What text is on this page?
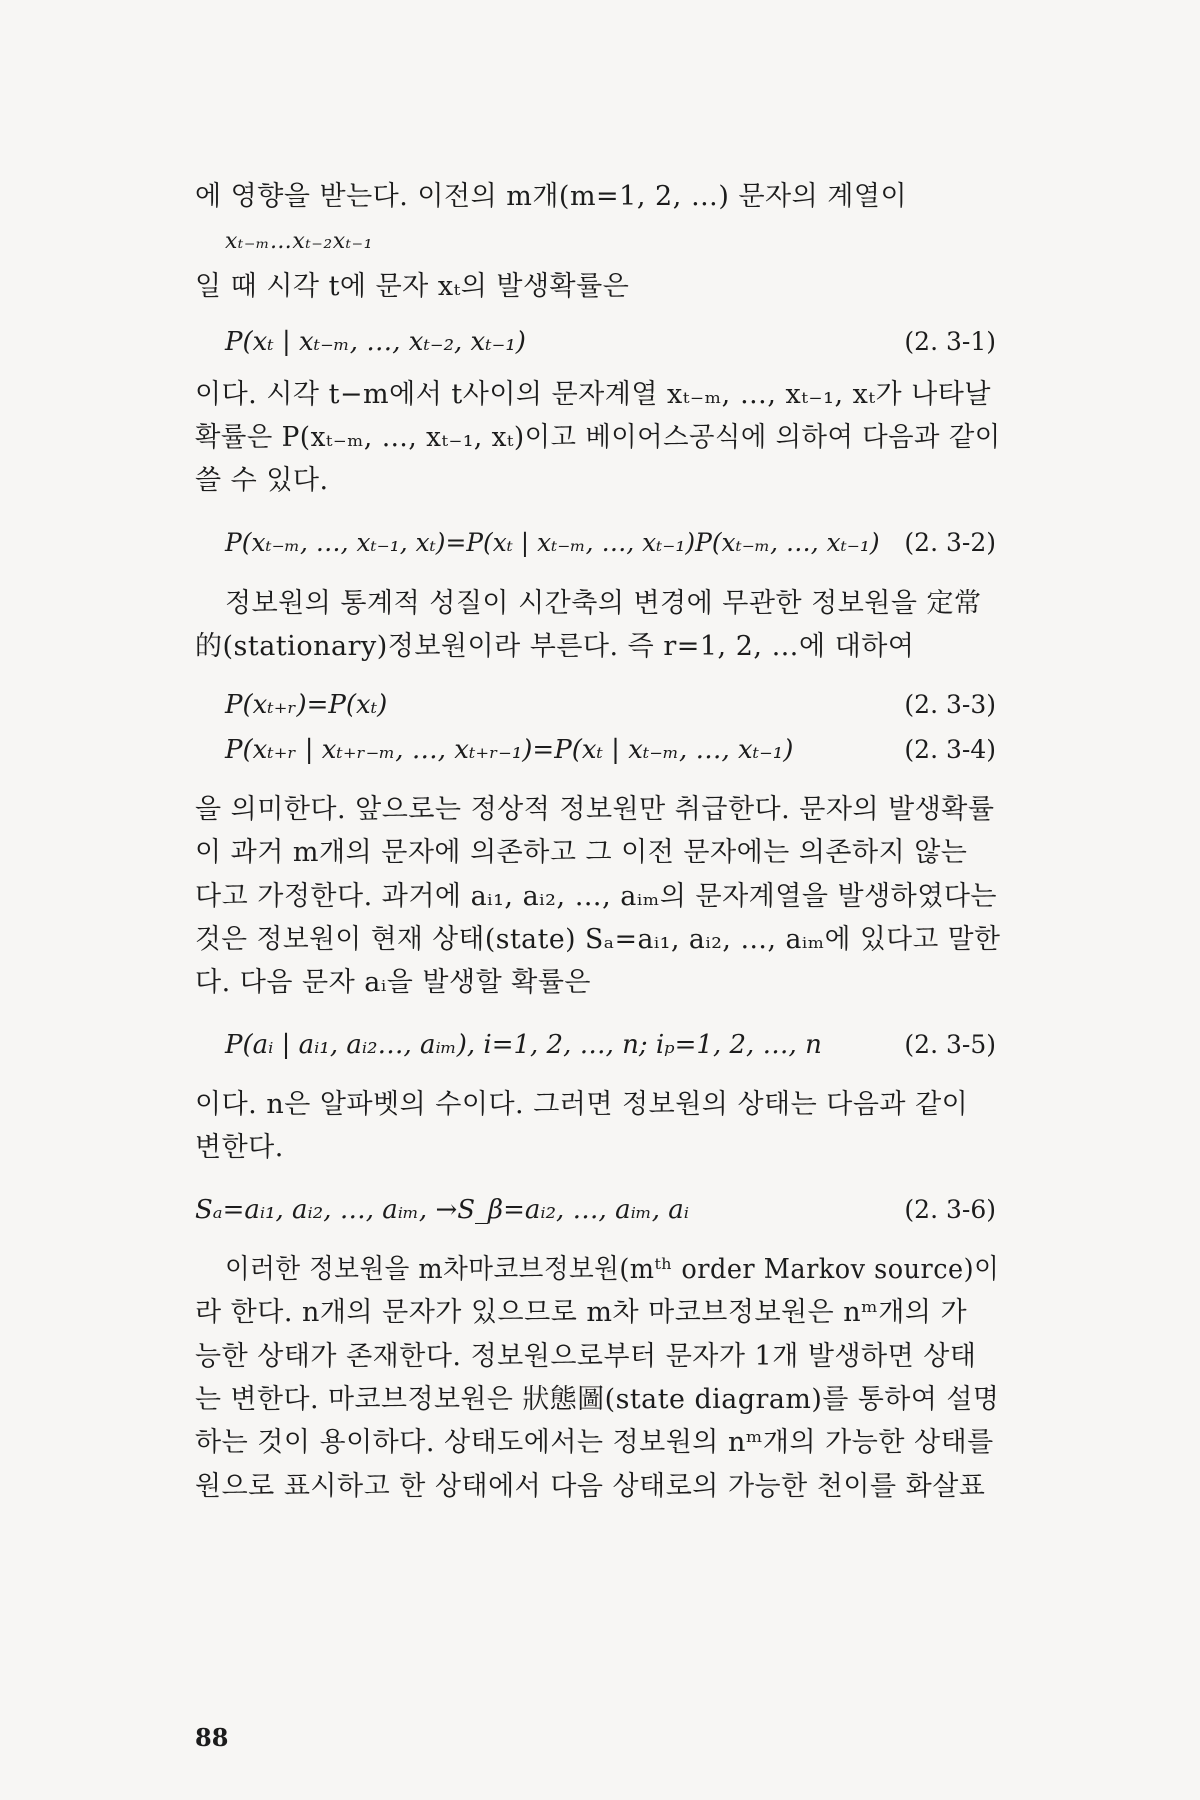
에 영향을 받는다. 이전의 m개(m=1, 2, …) 문자의 계열이
xₜ₋ₘ…xₜ₋₂xₜ₋₁
일 때 시각 t에 문자 xₜ의 발생확률은
P(xₜ | xₜ₋ₘ, …, xₜ₋₂, xₜ₋₁)	(2. 3-1)
이다. 시각 t−m에서 t사이의 문자계열 xₜ₋ₘ, …, xₜ₋₁, xₜ가 나타날
확률은 P(xₜ₋ₘ, …, xₜ₋₁, xₜ)이고 베이어스공식에 의하여 다음과 같이
쓸 수 있다.
P(xₜ₋ₘ, …, xₜ₋₁, xₜ)=P(xₜ | xₜ₋ₘ, …, xₜ₋₁)P(xₜ₋ₘ, …, xₜ₋₁) (2. 3-2)
정보원의 통계적 성질이 시간축의 변경에 무관한 정보원을 定常
的(stationary)정보원이라 부른다. 즉 r=1, 2, …에 대하여
P(xₜ₊ᵣ)=P(xₜ)	(2. 3-3)
P(xₜ₊ᵣ | xₜ₊ᵣ₋ₘ, …, xₜ₊ᵣ₋₁)=P(xₜ | xₜ₋ₘ, …, xₜ₋₁)	(2. 3-4)
을 의미한다. 앞으로는 정상적 정보원만 취급한다. 문자의 발생확률
이 과거 m개의 문자에 의존하고 그 이전 문자에는 의존하지 않는
다고 가정한다. 과거에 aᵢ₁, aᵢ₂, …, aᵢₘ의 문자계열을 발생하였다는
것은 정보원이 현재 상태(state) Sₐ=aᵢ₁, aᵢ₂, …, aᵢₘ에 있다고 말한
다. 다음 문자 aᵢ을 발생할 확률은
P(aᵢ | aᵢ₁, aᵢ₂…, aᵢₘ), i=1, 2, …, n; iₚ=1, 2, …, n	(2. 3-5)
이다. n은 알파벳의 수이다. 그러면 정보원의 상태는 다음과 같이
변한다.
Sₐ=aᵢ₁, aᵢ₂, …, aᵢₘ, →S_β=aᵢ₂, …, aᵢₘ, aᵢ	(2. 3-6)
이러한 정보원을 m차마코브정보원(mᵗʰ order Markov source)이
라 한다. n개의 문자가 있으므로 m차 마코브정보원은 nᵐ개의 가
능한 상태가 존재한다. 정보원으로부터 문자가 1개 발생하면 상태
는 변한다. 마코브정보원은 狀態圖(state diagram)를 통하여 설명
하는 것이 용이하다. 상태도에서는 정보원의 nᵐ개의 가능한 상태를
원으로 표시하고 한 상태에서 다음 상태로의 가능한 천이를 화살표
88
